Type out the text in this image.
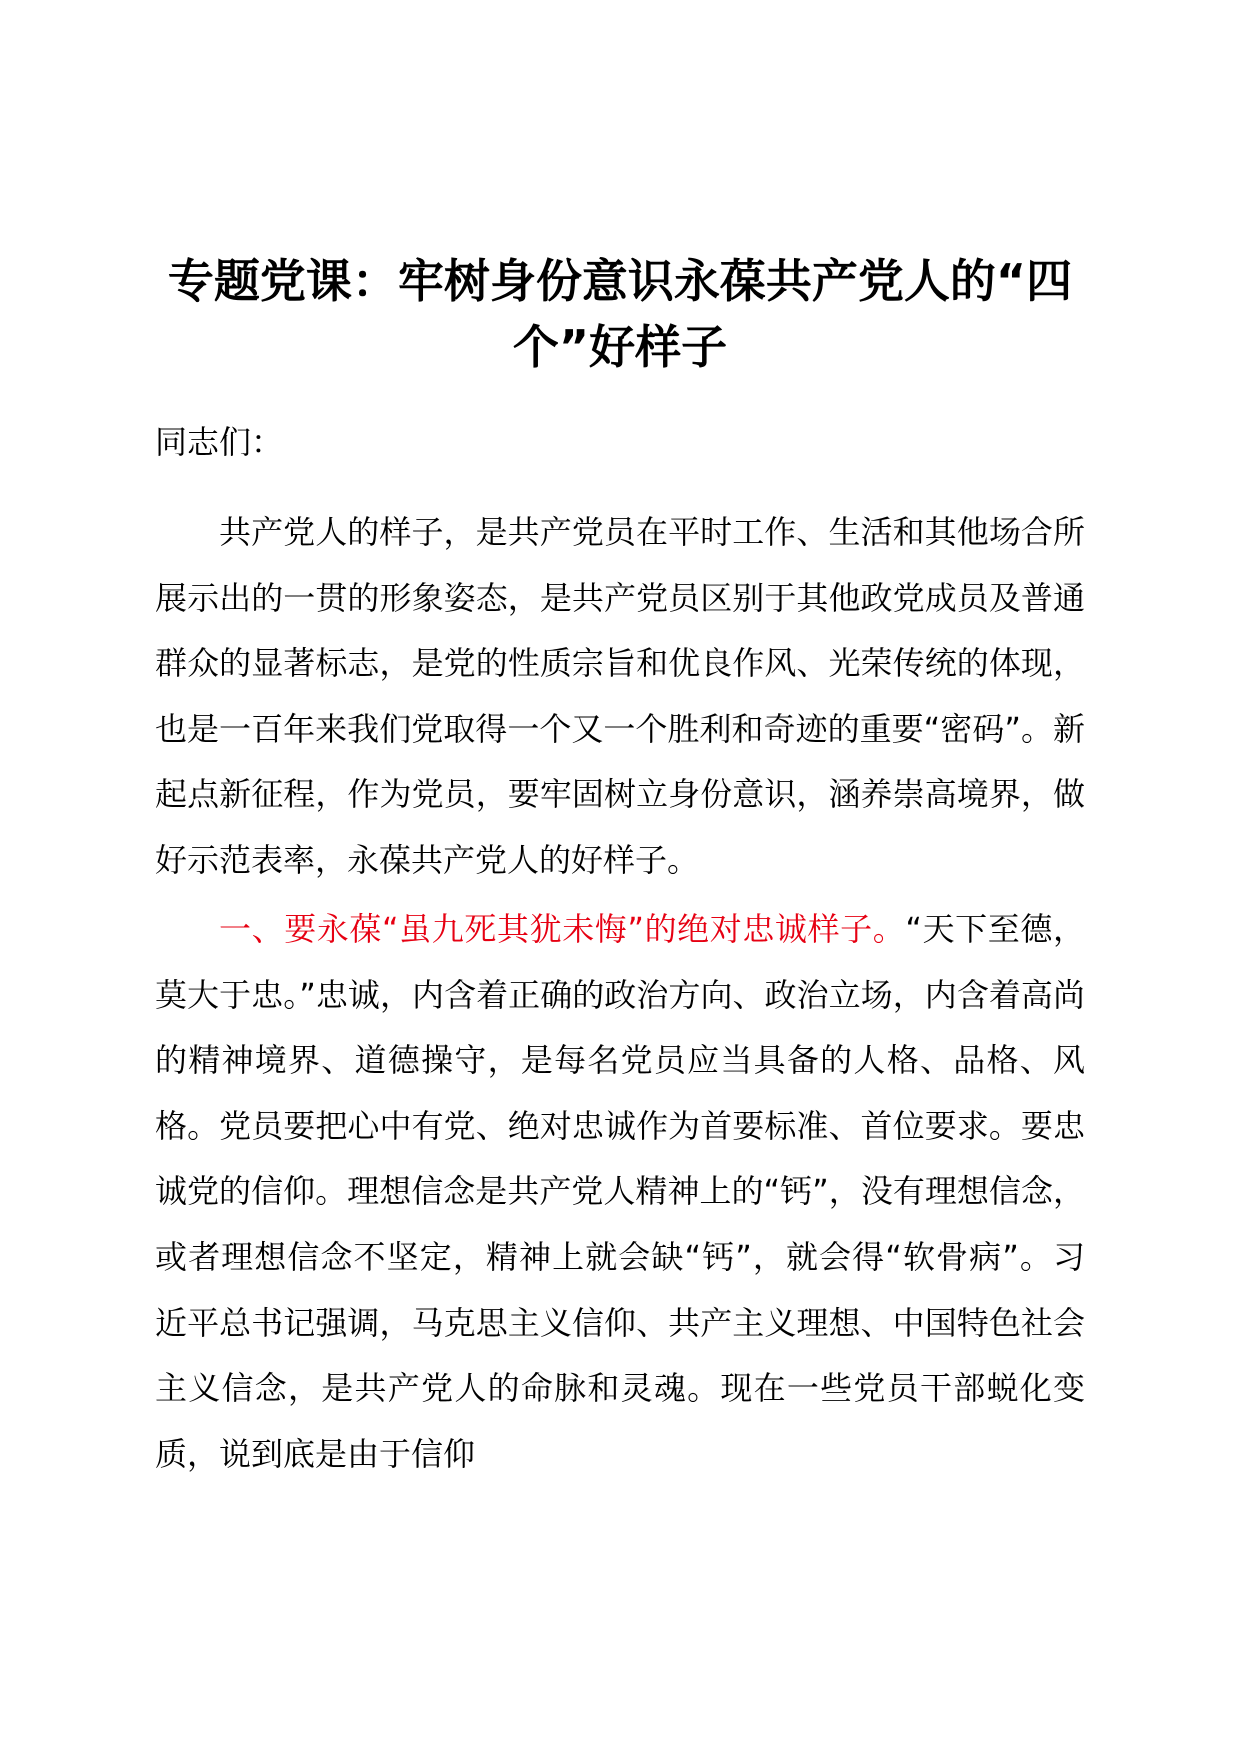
专题党课：牢树身份意识永葆共产党人的“四个”好样子

同志们：

共产党人的样子，是共产党员在平时工作、生活和其他场合所展示出的一贯的形象姿态，是共产党员区别于其他政党成员及普通群众的显著标志，是党的性质宗旨和优良作风、光荣传统的体现，也是一百年来我们党取得一个又一个胜利和奇迹的重要“密码”。新起点新征程，作为党员，要牢固树立身份意识，涵养崇高境界，做好示范表率，永葆共产党人的好样子。

一、要永葆“虽九死其犹未悔”的绝对忠诚样子。“天下至德，莫大于忠。”忠诚，内含着正确的政治方向、政治立场，内含着高尚的精神境界、道德操守，是每名党员应当具备的人格、品格、风格。党员要把心中有党、绝对忠诚作为首要标准、首位要求。要忠诚党的信仰。理想信念是共产党人精神上的“钙”，没有理想信念，或者理想信念不坚定，精神上就会缺“钙”，就会得“软骨病”。习近平总书记强调，马克思主义信仰、共产主义理想、中国特色社会主义信念，是共产党人的命脉和灵魂。现在一些党员干部蜕化变质，说到底是由于信仰
